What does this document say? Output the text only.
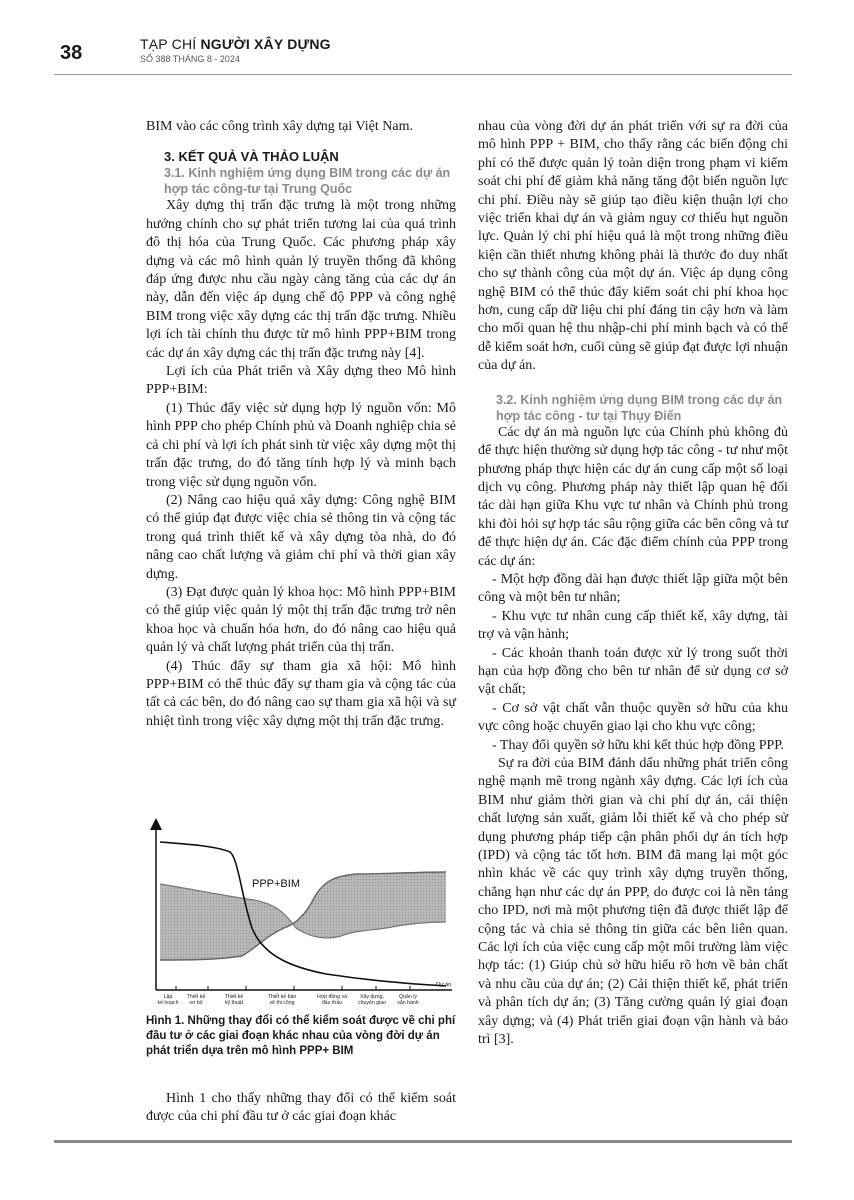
38	TẠP CHÍ NGƯỜI XÂY DỰNG
SỐ 388 THÁNG 8 - 2024

BIM vào các công trình xây dựng tại Việt Nam.

3. KẾT QUẢ VÀ THẢO LUẬN
3.1. Kinh nghiệm ứng dụng BIM trong các dự án hợp tác công-tư tại Trung Quốc

Xây dựng thị trấn đặc trưng là một trong những hướng chính cho sự phát triển tương lai của quá trình đô thị hóa của Trung Quốc. Các phương pháp xây dựng và các mô hình quản lý truyền thống đã không đáp ứng được nhu cầu ngày càng tăng của các dự án này, dẫn đến việc áp dụng chế độ PPP và công nghệ BIM trong việc xây dựng các thị trấn đặc trưng. Nhiều lợi ích tài chính thu được từ mô hình PPP+BIM trong các dự án xây dựng các thị trấn đặc trưng này [4].

Lợi ích của Phát triển và Xây dựng theo Mô hình PPP+BIM:

(1) Thúc đẩy việc sử dụng hợp lý nguồn vốn: Mô hình PPP cho phép Chính phủ và Doanh nghiệp chia sẻ cả chi phí và lợi ích phát sinh từ việc xây dựng một thị trấn đặc trưng, do đó tăng tính hợp lý và minh bạch trong việc sử dụng nguồn vốn.

(2) Nâng cao hiệu quả xây dựng: Công nghệ BIM có thể giúp đạt được việc chia sẻ thông tin và cộng tác trong quá trình thiết kế và xây dựng tòa nhà, do đó nâng cao chất lượng và giảm chi phí và thời gian xây dựng.

(3) Đạt được quản lý khoa học: Mô hình PPP+BIM có thể giúp việc quản lý một thị trấn đặc trưng trở nên khoa học và chuẩn hóa hơn, do đó nâng cao hiệu quả quản lý và chất lượng phát triển của thị trấn.

(4) Thúc đẩy sự tham gia xã hội: Mô hình PPP+BIM có thể thúc đẩy sự tham gia và cộng tác của tất cả các bên, do đó nâng cao sự tham gia xã hội và sự nhiệt tình trong việc xây dựng một thị trấn đặc trưng.

PPP+BIM
Dự án
Lập
kế hoạch
Thiết kế
sơ bộ
Thiết kế
kỹ thuật
Thiết kế bản
vẽ thi công
Hợp đồng và
đấu thầu
Xây dựng,
chuyển giao
Quản lý
vận hành
Hình 1. Những thay đổi có thể kiểm soát được về chi phí đầu tư ở các giai đoạn khác nhau của vòng đời dự án phát triển dựa trên mô hình PPP+ BIM

Hình 1 cho thấy những thay đổi có thể kiểm soát được của chi phí đầu tư ở các giai đoạn khác

nhau của vòng đời dự án phát triển với sự ra đời của mô hình PPP + BIM, cho thấy rằng các biến động chi phí có thể được quản lý toàn diện trong phạm vi kiểm soát chi phí để giảm khả năng tăng đột biến nguồn lực chi phí. Điều này sẽ giúp tạo điều kiện thuận lợi cho việc triển khai dự án và giảm nguy cơ thiếu hụt nguồn lực. Quản lý chi phí hiệu quả là một trong những điều kiện cần thiết nhưng không phải là thước đo duy nhất cho sự thành công của một dự án. Việc áp dụng công nghệ BIM có thể thúc đẩy kiểm soát chi phí khoa học hơn, cung cấp dữ liệu chi phí đáng tin cậy hơn và làm cho mối quan hệ thu nhập-chi phí minh bạch và có thể dễ kiểm soát hơn, cuối cùng sẽ giúp đạt được lợi nhuận của dự án.

3.2. Kinh nghiệm ứng dụng BIM trong các dự án hợp tác công - tư tại Thụy Điển

Các dự án mà nguồn lực của Chính phủ không đủ để thực hiện thường sử dụng hợp tác công - tư như một phương pháp thực hiện các dự án cung cấp một số loại dịch vụ công. Phương pháp này thiết lập quan hệ đối tác dài hạn giữa Khu vực tư nhân và Chính phủ trong khi đòi hỏi sự hợp tác sâu rộng giữa các bên công và tư để thực hiện dự án. Các đặc điểm chính của PPP trong các dự án:

- Một hợp đồng dài hạn được thiết lập giữa một bên công và một bên tư nhân;

- Khu vực tư nhân cung cấp thiết kế, xây dựng, tài trợ và vận hành;

- Các khoản thanh toán được xử lý trong suốt thời hạn của hợp đồng cho bên tư nhân để sử dụng cơ sở vật chất;

- Cơ sở vật chất vẫn thuộc quyền sở hữu của khu vực công hoặc chuyển giao lại cho khu vực công;

- Thay đổi quyền sở hữu khi kết thúc hợp đồng PPP.

Sự ra đời của BIM đánh dấu những phát triển công nghệ mạnh mẽ trong ngành xây dựng. Các lợi ích của BIM như giảm thời gian và chi phí dự án, cải thiện chất lượng sản xuất, giảm lỗi thiết kế và cho phép sử dụng phương pháp tiếp cận phân phối dự án tích hợp (IPD) và cộng tác tốt hơn. BIM đã mang lại một góc nhìn khác về các quy trình xây dựng truyền thống, chẳng hạn như các dự án PPP, do được coi là nền tảng cho IPD, nơi mà một phương tiện đã được thiết lập để cộng tác và chia sẻ thông tin giữa các bên liên quan. Các lợi ích của việc cung cấp một môi trường làm việc hợp tác: (1) Giúp chủ sở hữu hiểu rõ hơn về bản chất và nhu cầu của dự án; (2) Cải thiện thiết kế, phát triển và phân tích dự án; (3) Tăng cường quản lý giai đoạn xây dựng; và (4) Phát triển giai đoạn vận hành và bảo trì [3].
